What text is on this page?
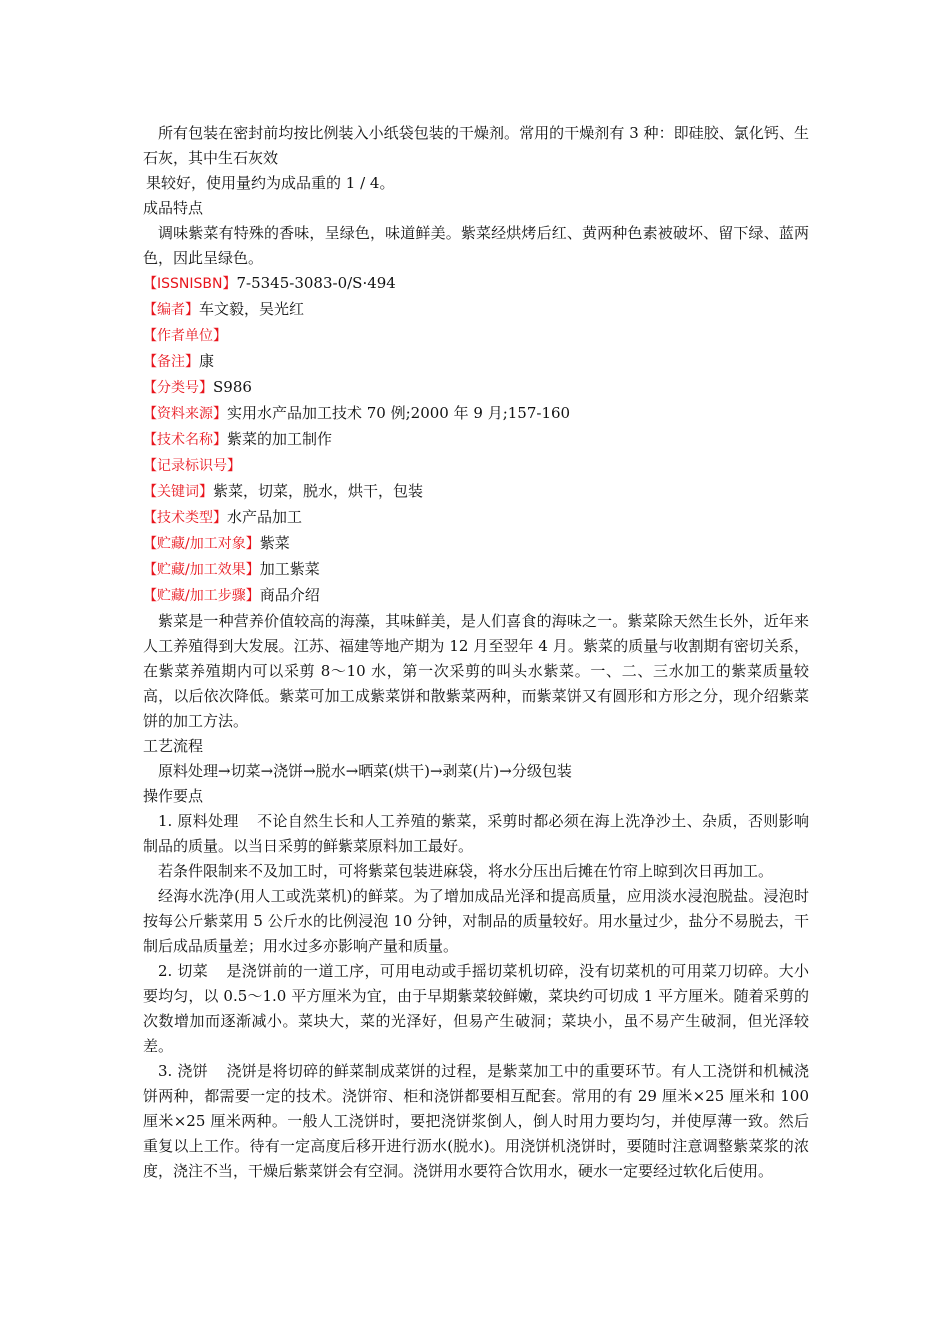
所有包装在密封前均按比例装入小纸袋包装的干燥剂。常用的干燥剂有 3 种：即硅胶、氯化钙、生石灰，其中生石灰效
果较好，使用量约为成品重的 1 / 4。

成品特点

调味紫菜有特殊的香味，呈绿色，味道鲜美。紫菜经烘烤后红、黄两种色素被破坏、留下绿、蓝两色，因此呈绿色。

【ISSNISBN】7-5345-3083-0/S·494

【编者】车文毅，吴光红

【作者单位】

【备注】康

【分类号】S986

【资料来源】实用水产品加工技术 70 例;2000 年 9 月;157-160

【技术名称】紫菜的加工制作

【记录标识号】

【关键词】紫菜，切菜，脱水，烘干，包装

【技术类型】水产品加工

【贮藏/加工对象】紫菜

【贮藏/加工效果】加工紫菜

【贮藏/加工步骤】商品介绍

紫菜是一种营养价值较高的海藻，其味鲜美，是人们喜食的海味之一。紫菜除天然生长外，近年来人工养殖得到大发展。江苏、福建等地产期为 12 月至翌年 4 月。紫菜的质量与收割期有密切关系，在紫菜养殖期内可以采剪 8～10 水，第一次采剪的叫头水紫菜。一、二、三水加工的紫菜质量较高，以后依次降低。紫菜可加工成紫菜饼和散紫菜两种，而紫菜饼又有圆形和方形之分，现介绍紫菜饼的加工方法。

工艺流程

原料处理→切菜→浇饼→脱水→晒菜(烘干)→剥菜(片)→分级包装

操作要点

1. 原料处理 不论自然生长和人工养殖的紫菜，采剪时都必须在海上洗净沙土、杂质，否则影响制品的质量。以当日采剪的鲜紫菜原料加工最好。

若条件限制来不及加工时，可将紫菜包装进麻袋，将水分压出后摊在竹帘上晾到次日再加工。

经海水洗净(用人工或洗菜机)的鲜菜。为了增加成品光泽和提高质量，应用淡水浸泡脱盐。浸泡时按每公斤紫菜用 5 公斤水的比例浸泡 10 分钟，对制品的质量较好。用水量过少，盐分不易脱去，干制后成品质量差；用水过多亦影响产量和质量。

2. 切菜 是浇饼前的一道工序，可用电动或手摇切菜机切碎，没有切菜机的可用菜刀切碎。大小要均匀，以 0.5～1.0 平方厘米为宜，由于早期紫菜较鲜嫩，菜块约可切成 1 平方厘米。随着采剪的次数增加而逐渐减小。菜块大，菜的光泽好，但易产生破洞；菜块小，虽不易产生破洞，但光泽较差。

3. 浇饼 浇饼是将切碎的鲜菜制成菜饼的过程，是紫菜加工中的重要环节。有人工浇饼和机械浇饼两种，都需要一定的技术。浇饼帘、柜和浇饼都要相互配套。常用的有 29 厘米×25 厘米和 100 厘米×25 厘米两种。一般人工浇饼时，要把浇饼浆倒人，倒人时用力要均匀，并使厚薄一致。然后重复以上工作。待有一定高度后移开进行沥水(脱水)。用浇饼机浇饼时，要随时注意调整紫菜浆的浓度，浇注不当，干燥后紫菜饼会有空洞。浇饼用水要符合饮用水，硬水一定要经过软化后使用。
